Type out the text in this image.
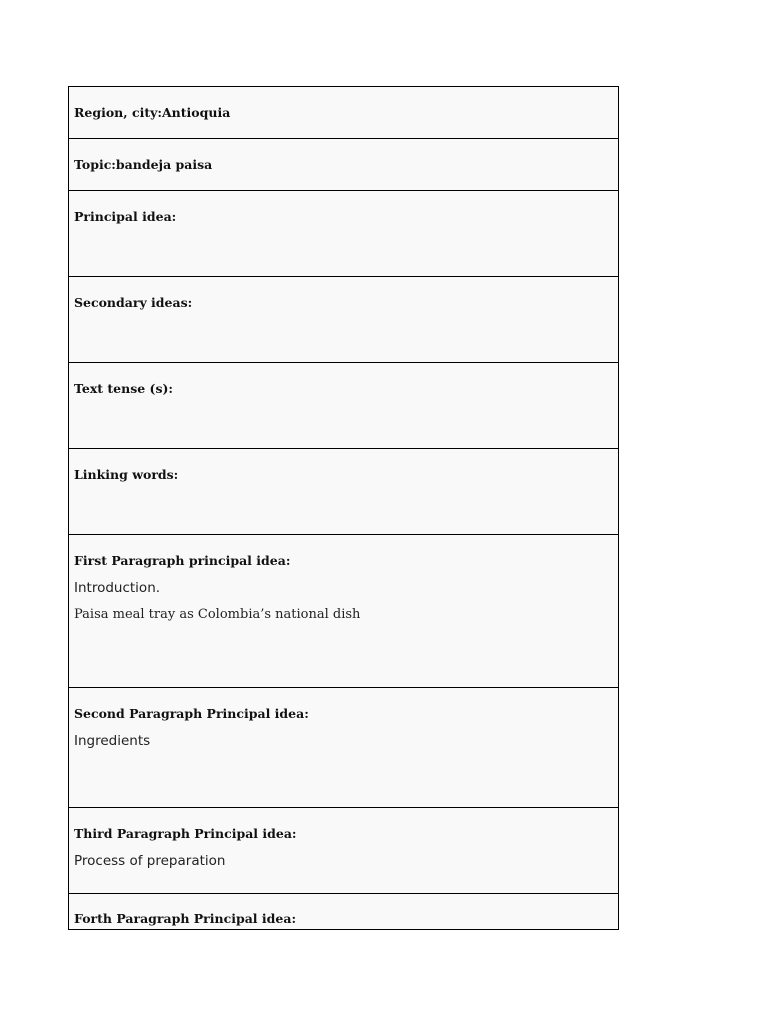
Region, city:Antioquia
Topic:bandeja paisa
Principal idea:
Secondary ideas:
Text tense (s):
Linking words:
First Paragraph principal idea:
Introduction.
Paisa meal tray as Colombia’s national dish
Second Paragraph Principal idea:
Ingredients
Third Paragraph Principal idea:
Process of preparation
Forth Paragraph Principal idea:
